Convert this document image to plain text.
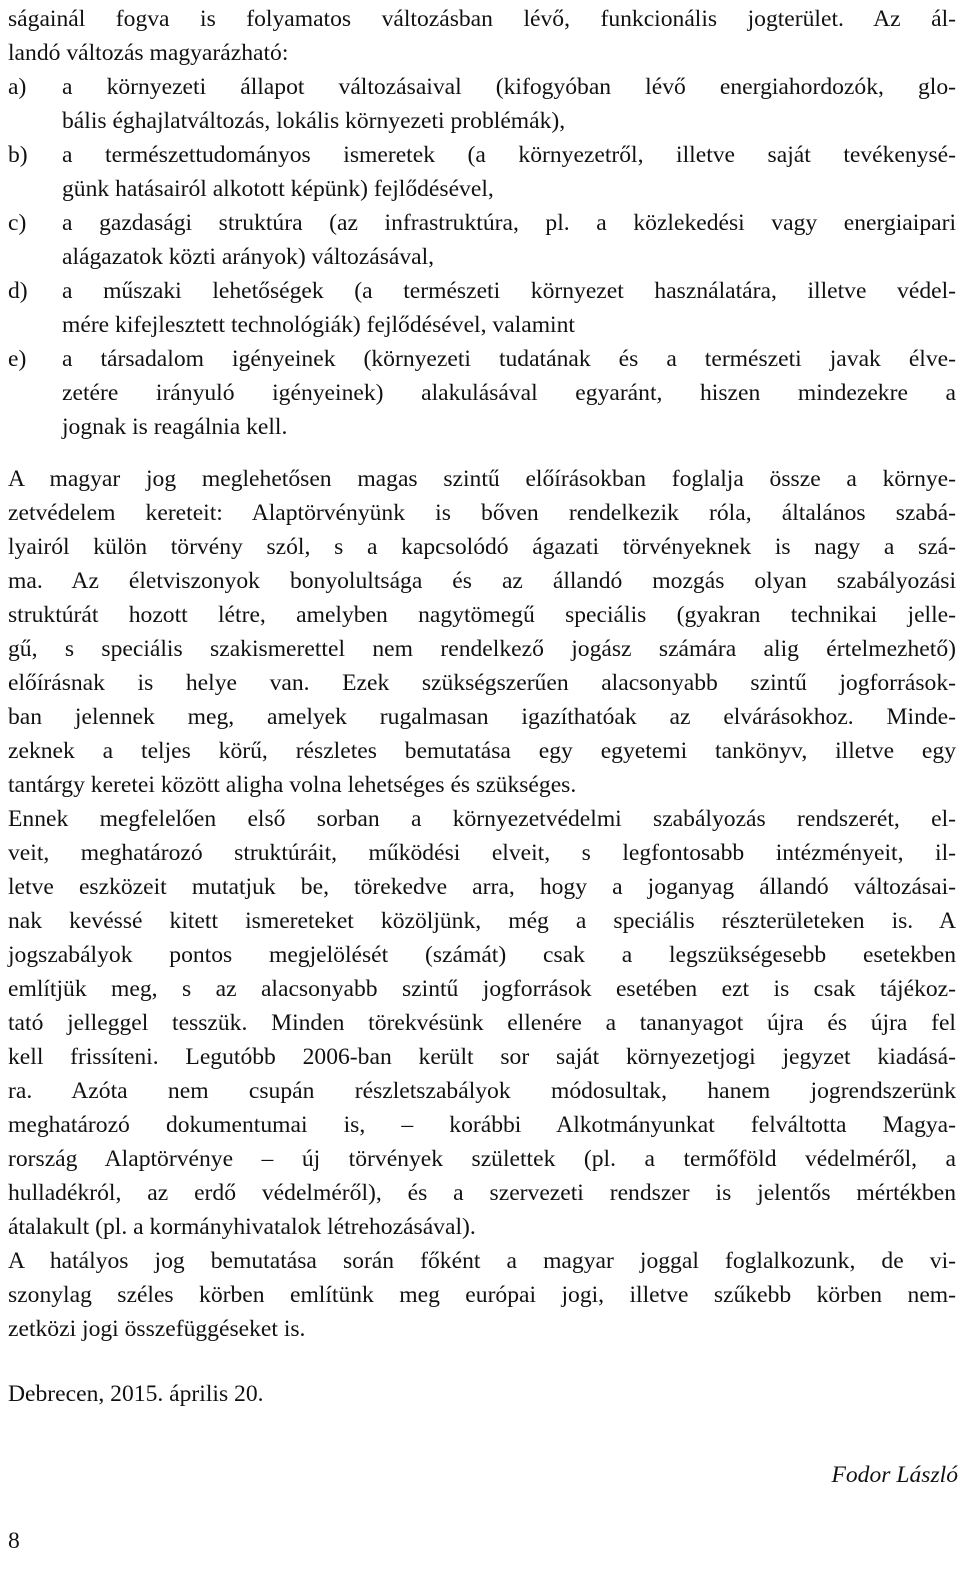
ságainál fogva is folyamatos változásban lévő, funkcionális jogterület. Az ál-
landó változás magyarázható:
a) a környezeti állapot változásaival (kifogyóban lévő energiahordozók, glo-
bális éghajlatváltozás, lokális környezeti problémák),
b) a természettudományos ismeretek (a környezetről, illetve saját tevékenysé-
günk hatásairól alkotott képünk) fejlődésével,
c) a gazdasági struktúra (az infrastruktúra, pl. a közlekedési vagy energiaipari
alágazatok közti arányok) változásával,
d) a műszaki lehetőségek (a természeti környezet használatára, illetve védel-
mére kifejlesztett technológiák) fejlődésével, valamint
e) a társadalom igényeinek (környezeti tudatának és a természeti javak élve-
zetére irányuló igényeinek) alakulásával egyaránt, hiszen mindezekre a
jognak is reagálnia kell.
A magyar jog meglehetősen magas szintű előírásokban foglalja össze a környe-
zetvédelem kereteit: Alaptörvényünk is bőven rendelkezik róla, általános szabá-
lyairól külön törvény szól, s a kapcsolódó ágazati törvényeknek is nagy a szá-
ma. Az életviszonyok bonyolultsága és az állandó mozgás olyan szabályozási
struktúrát hozott létre, amelyben nagytömegű speciális (gyakran technikai jelle-
gű, s speciális szakismerettel nem rendelkező jogász számára alig értelmezhető)
előírásnak is helye van. Ezek szükségszerűen alacsonyabb szintű jogforrások-
ban jelennek meg, amelyek rugalmasan igazíthatóak az elvárásokhoz. Minde-
zeknek a teljes körű, részletes bemutatása egy egyetemi tankönyv, illetve egy
tantárgy keretei között aligha volna lehetséges és szükséges.
Ennek megfelelően első sorban a környezetvédelmi szabályozás rendszerét, el-
veit, meghatározó struktúráit, működési elveit, s legfontosabb intézményeit, il-
letve eszközeit mutatjuk be, törekedve arra, hogy a joganyag állandó változásai-
nak kevéssé kitett ismereteket közöljünk, még a speciális részterületeken is. A
jogszabályok pontos megjelölését (számát) csak a legszükségesebb esetekben
említjük meg, s az alacsonyabb szintű jogforrások esetében ezt is csak tájékoz-
tató jelleggel tesszük. Minden törekvésünk ellenére a tananyagot újra és újra fel
kell frissíteni. Legutóbb 2006-ban került sor saját környezetjogi jegyzet kiadásá-
ra. Azóta nem csupán részletszabályok módosultak, hanem jogrendszerünk
meghatározó dokumentumai is, – korábbi Alkotmányunkat felváltotta Magya-
rország Alaptörvénye – új törvények születtek (pl. a termőföld védelméről, a
hulladékról, az erdő védelméről), és a szervezeti rendszer is jelentős mértékben
átalakult (pl. a kormányhivatalok létrehozásával).
A hatályos jog bemutatása során főként a magyar joggal foglalkozunk, de vi-
szonylag széles körben említünk meg európai jogi, illetve szűkebb körben nem-
zetközi jogi összefüggéseket is.
Debrecen, 2015. április 20.
Fodor László
8
